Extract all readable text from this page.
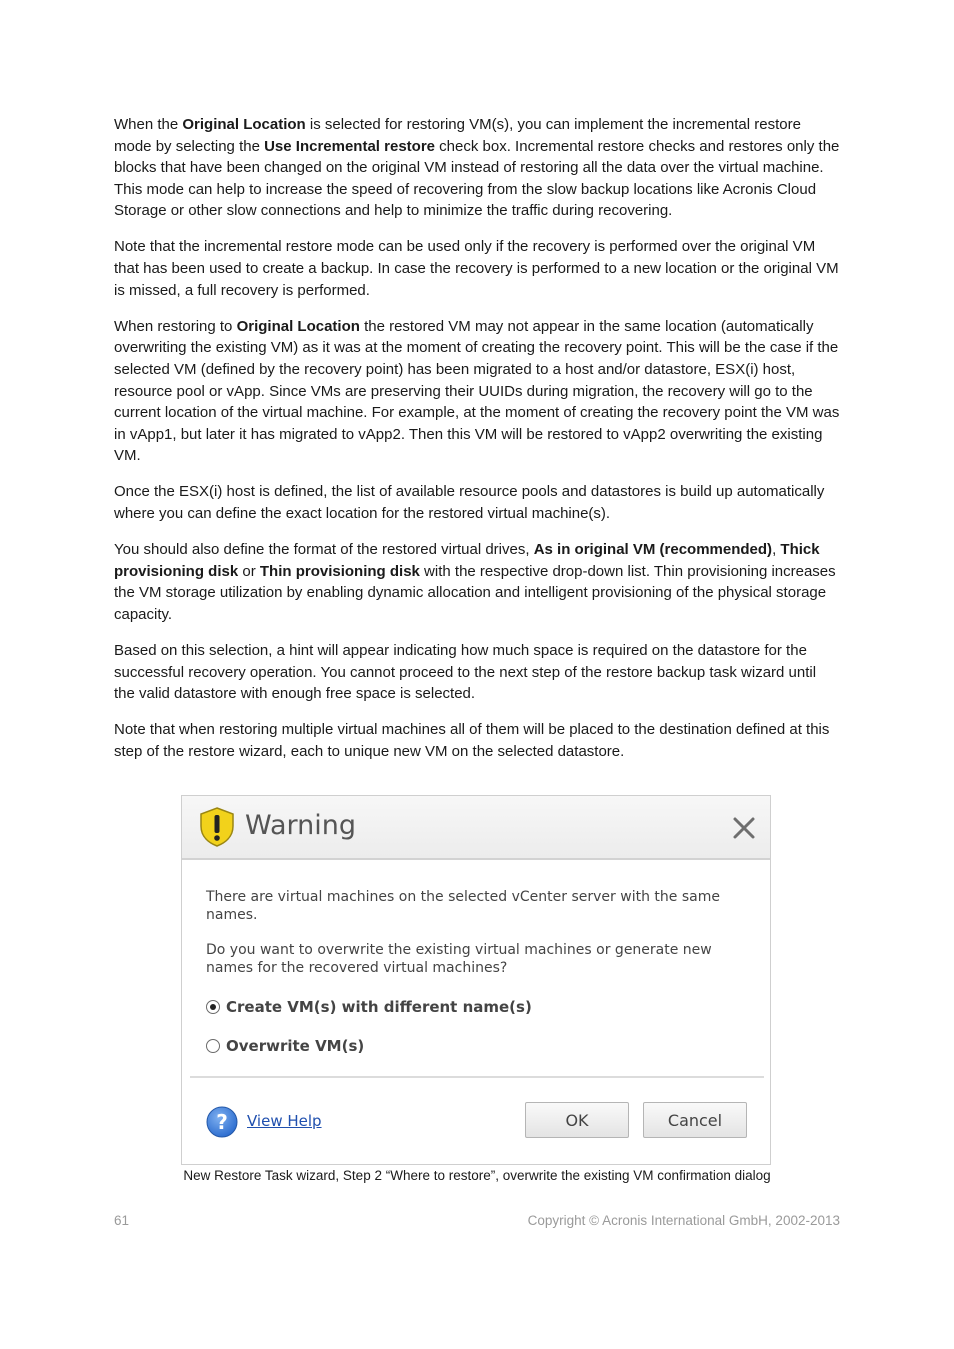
When the Original Location is selected for restoring VM(s), you can implement the incremental restore mode by selecting the Use Incremental restore check box. Incremental restore checks and restores only the blocks that have been changed on the original VM instead of restoring all the data over the virtual machine. This mode can help to increase the speed of recovering from the slow backup locations like Acronis Cloud Storage or other slow connections and help to minimize the traffic during recovering.

Note that the incremental restore mode can be used only if the recovery is performed over the original VM that has been used to create a backup. In case the recovery is performed to a new location or the original VM is missed, a full recovery is performed.

When restoring to Original Location the restored VM may not appear in the same location (automatically overwriting the existing VM) as it was at the moment of creating the recovery point. This will be the case if the selected VM (defined by the recovery point) has been migrated to a host and/or datastore, ESX(i) host, resource pool or vApp. Since VMs are preserving their UUIDs during migration, the recovery will go to the current location of the virtual machine. For example, at the moment of creating the recovery point the VM was in vApp1, but later it has migrated to vApp2. Then this VM will be restored to vApp2 overwriting the existing VM.

Once the ESX(i) host is defined, the list of available resource pools and datastores is build up automatically where you can define the exact location for the restored virtual machine(s).

You should also define the format of the restored virtual drives, As in original VM (recommended), Thick provisioning disk or Thin provisioning disk with the respective drop-down list. Thin provisioning increases the VM storage utilization by enabling dynamic allocation and intelligent provisioning of the physical storage capacity.

Based on this selection, a hint will appear indicating how much space is required on the datastore for the successful recovery operation. You cannot proceed to the next step of the restore backup task wizard until the valid datastore with enough free space is selected.

Note that when restoring multiple virtual machines all of them will be placed to the destination defined at this step of the restore wizard, each to unique new VM on the selected datastore.

Warning
There are virtual machines on the selected vCenter server with the same names.
Do you want to overwrite the existing virtual machines or generate new names for the recovered virtual machines?
Create VM(s) with different name(s)
Overwrite VM(s)
? View Help	OK	Cancel
New Restore Task wizard, Step 2 “Where to restore”, overwrite the existing VM confirmation dialog
61	Copyright © Acronis International GmbH, 2002-2013
